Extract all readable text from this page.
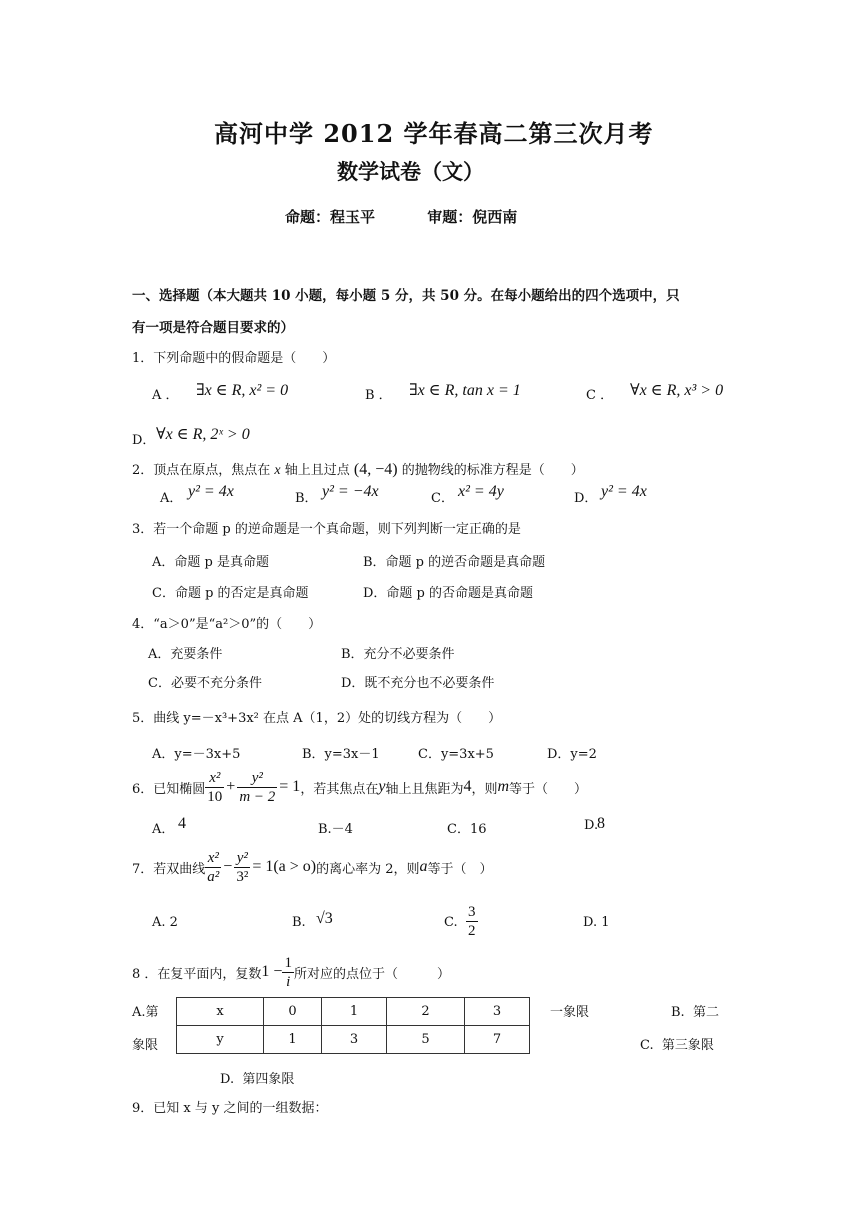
高河中学 2012 学年春高二第三次月考
数学试卷（文）
命题：程玉平          审题：倪西南
一、选择题（本大题共 10 小题，每小题 5 分，共 50 分。在每小题给出的四个选项中，只
有一项是符合题目要求的）
1．下列命题中的假命题是（　　）
A ． ∃x ∈ R, x² = 0	B ． ∃x ∈ R, tan x = 1	C ． ∀x ∈ R, x³ > 0
D． ∀x ∈ R, 2ˣ > 0
2．顶点在原点，焦点在 x 轴上且过点 (4, −4) 的抛物线的标准方程是（　　）
A． y² = 4x	B． y² = −4x	C． x² = 4y	D． y² = 4x
3．若一个命题 p 的逆命题是一个真命题，则下列判断一定正确的是
A．命题 p 是真命题	B．命题 p 的逆否命题是真命题
C．命题 p 的否定是真命题	D．命题 p 的否命题是真命题
4．“a＞0”是“a²＞0”的（　　）
A．充要条件	B．充分不必要条件
C．必要不充分条件	D．既不充分也不必要条件
5．曲线 y=－x³+3x² 在点 A（1，2）处的切线方程为（　　）
A．y=－3x+5	B．y=3x－1	C．y=3x+5	D．y=2
6．已知椭圆 $\frac{\text{x²}}{10} + \frac{\text{y²}}{m - 2} = 1$ ，若其焦点在 y 轴上且焦距为 4 ，则 m 等于（　　）
A． 4	B.－4	C．16	D.
8
7．若双曲线 $\frac{\text{x²}}{\text{a²}} - \frac{\text{y²}}{\text{3²}} = 1(a > o)$ 的离心率为 2，则 a 等于（　）
A. 2	B. √3	C. $\frac{3}{2}$	D. 1
8 ．在复平面内，复数 $1 - \frac{1}{i}$ 所对应的点位于（　　　）
A.第	一象限	B.  第二
象限	C.  第三象限
D.  第四象限
x	0	1	2	3
y	1	3	5	7
9．已知 x 与 y 之间的一组数据：
